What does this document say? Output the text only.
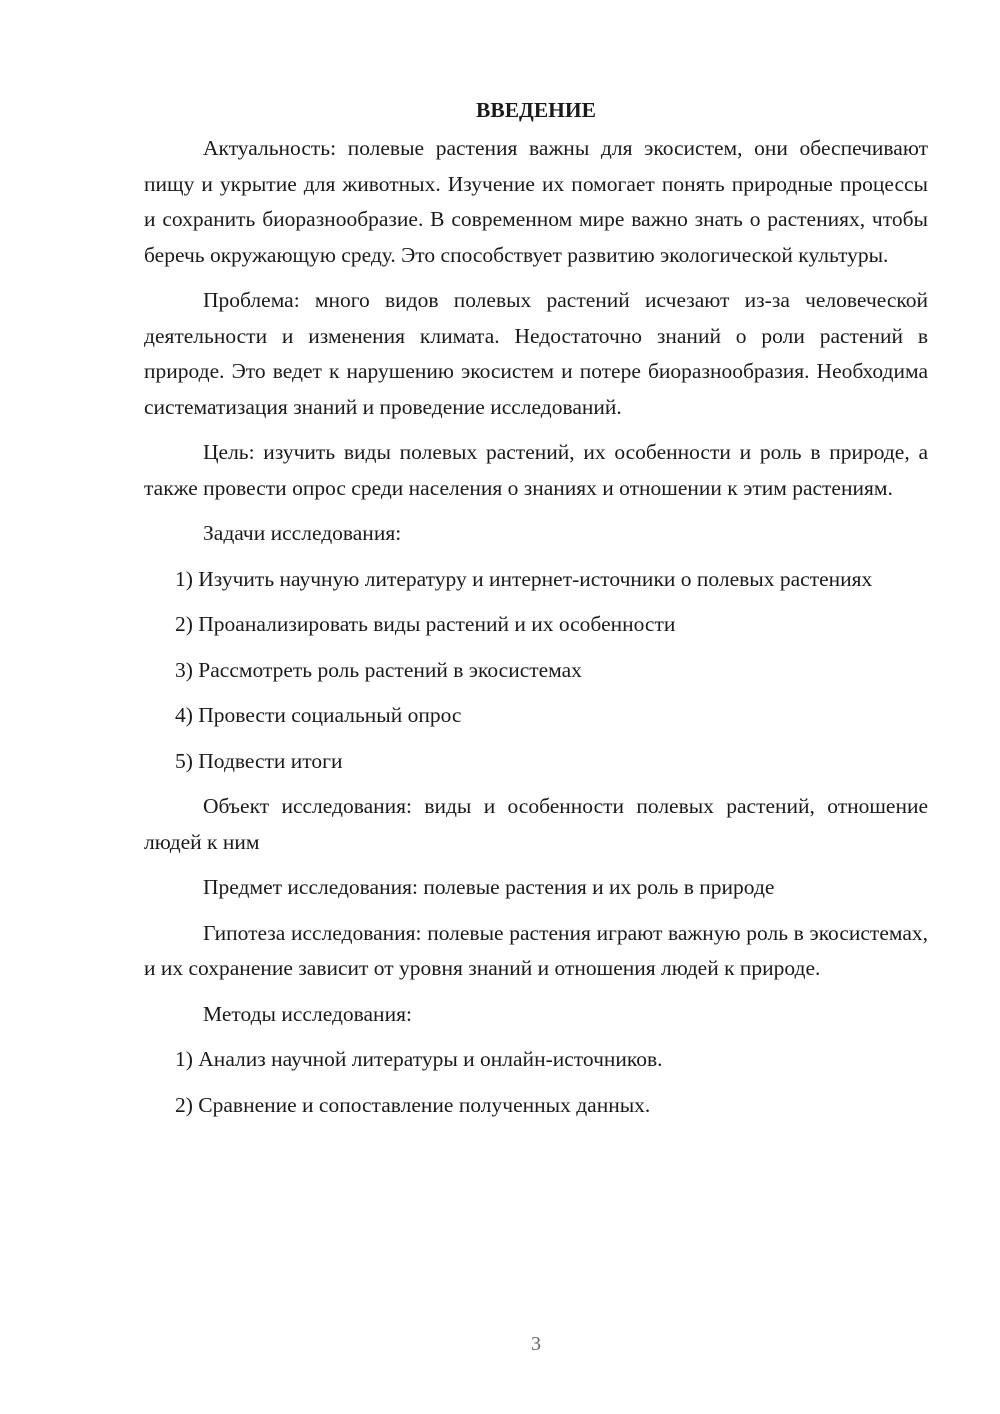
ВВЕДЕНИЕ

Актуальность: полевые растения важны для экосистем, они обеспечивают пищу и укрытие для животных. Изучение их помогает понять природные процессы и сохранить биоразнообразие. В современном мире важно знать о растениях, чтобы беречь окружающую среду. Это способствует развитию экологической культуры.

Проблема: много видов полевых растений исчезают из-за человеческой деятельности и изменения климата. Недостаточно знаний о роли растений в природе. Это ведет к нарушению экосистем и потере биоразнообразия. Необходима систематизация знаний и проведение исследований.

Цель: изучить виды полевых растений, их особенности и роль в природе, а также провести опрос среди населения о знаниях и отношении к этим растениям.

Задачи исследования:

1) Изучить научную литературу и интернет-источники о полевых растениях

2) Проанализировать виды растений и их особенности

3) Рассмотреть роль растений в экосистемах

4) Провести социальный опрос

5) Подвести итоги

Объект исследования: виды и особенности полевых растений, отношение людей к ним

Предмет исследования: полевые растения и их роль в природе

Гипотеза исследования: полевые растения играют важную роль в экосистемах, и их сохранение зависит от уровня знаний и отношения людей к природе.

Методы исследования:

1) Анализ научной литературы и онлайн-источников.

2) Сравнение и сопоставление полученных данных.

3
